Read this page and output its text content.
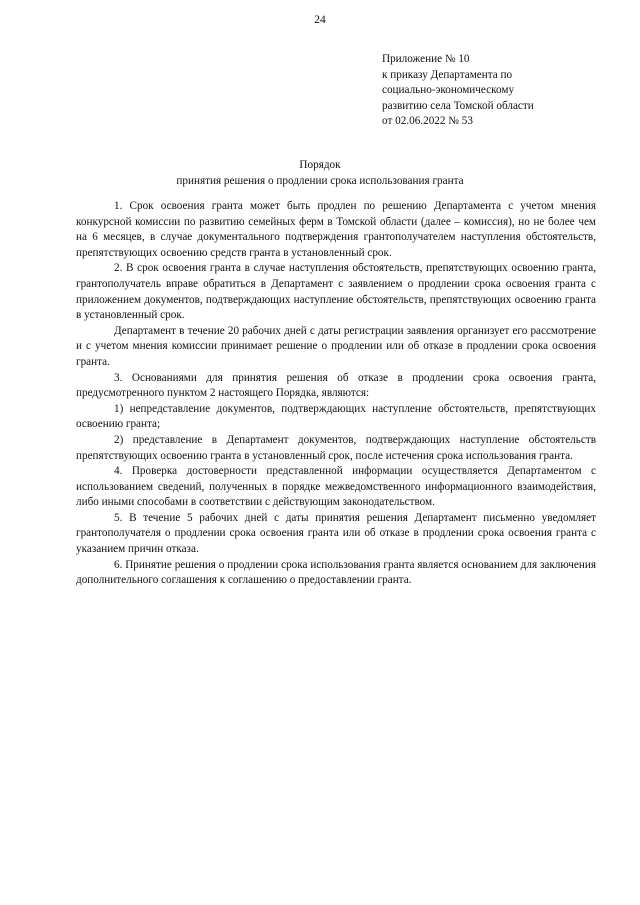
24
Приложение № 10
к приказу Департамента по
социально-экономическому
развитию села Томской области
от 02.06.2022 № 53
Порядок
принятия решения о продлении срока использования гранта

1. Срок освоения гранта может быть продлен по решению Департамента с учетом мнения конкурсной комиссии по развитию семейных ферм в Томской области (далее – комиссия), но не более чем на 6 месяцев, в случае документального подтверждения грантополучателем наступления обстоятельств, препятствующих освоению средств гранта в установленный срок.

2. В срок освоения гранта в случае наступления обстоятельств, препятствующих освоению гранта, грантополучатель вправе обратиться в Департамент с заявлением о продлении срока освоения гранта с приложением документов, подтверждающих наступление обстоятельств, препятствующих освоению гранта в установленный срок.

Департамент в течение 20 рабочих дней с даты регистрации заявления организует его рассмотрение и с учетом мнения комиссии принимает решение о продлении или об отказе в продлении срока освоения гранта.

3. Основаниями для принятия решения об отказе в продлении срока освоения гранта, предусмотренного пунктом 2 настоящего Порядка, являются:

1) непредставление документов, подтверждающих наступление обстоятельств, препятствующих освоению гранта;

2) представление в Департамент документов, подтверждающих наступление обстоятельств препятствующих освоению гранта в установленный срок, после истечения срока использования гранта.

4. Проверка достоверности представленной информации осуществляется Департаментом с использованием сведений, полученных в порядке межведомственного информационного взаимодействия, либо иными способами в соответствии с действующим законодательством.

5. В течение 5 рабочих дней с даты принятия решения Департамент письменно уведомляет грантополучателя о продлении срока освоения гранта или об отказе в продлении срока освоения гранта с указанием причин отказа.

6. Принятие решения о продлении срока использования гранта является основанием для заключения дополнительного соглашения к соглашению о предоставлении гранта.
